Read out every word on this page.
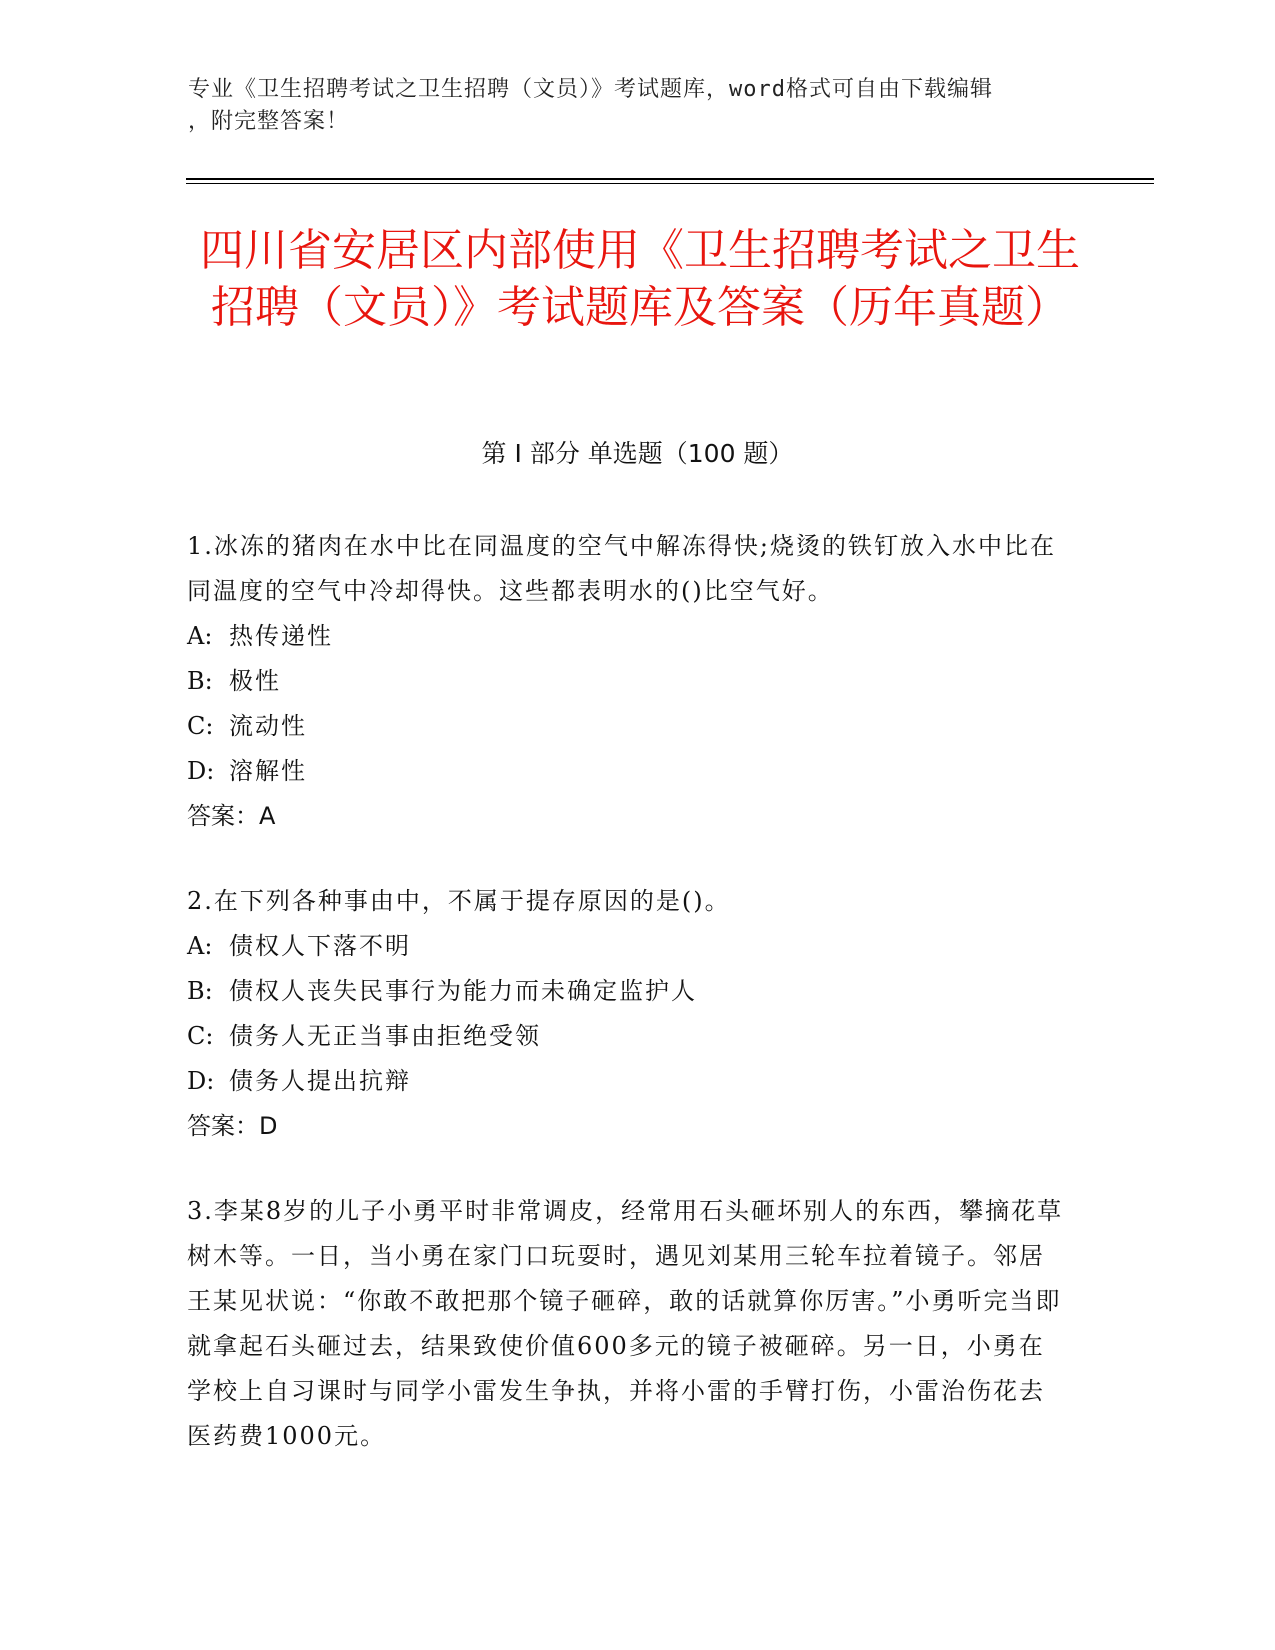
专业《卫生招聘考试之卫生招聘（文员）》考试题库，word格式可自由下载编辑
，附完整答案！
四川省安居区内部使用《卫生招聘考试之卫生招聘（文员）》考试题库及答案（历年真题）
第 I 部分 单选题（100 题）
1.冰冻的猪肉在水中比在同温度的空气中解冻得快;烧烫的铁钉放入水中比在同温度的空气中冷却得快。这些都表明水的()比空气好。
A: 热传递性
B: 极性
C: 流动性
D: 溶解性
答案：A
2.在下列各种事由中，不属于提存原因的是()。
A: 债权人下落不明
B: 债权人丧失民事行为能力而未确定监护人
C: 债务人无正当事由拒绝受领
D: 债务人提出抗辩
答案：D
3.李某8岁的儿子小勇平时非常调皮，经常用石头砸坏别人的东西，攀摘花草树木等。一日，当小勇在家门口玩耍时，遇见刘某用三轮车拉着镜子。邻居王某见状说：“你敢不敢把那个镜子砸碎，敢的话就算你厉害。”小勇听完当即就拿起石头砸过去，结果致使价值600多元的镜子被砸碎。另一日，小勇在学校上自习课时与同学小雷发生争执，并将小雷的手臂打伤，小雷治伤花去医药费1000元。
